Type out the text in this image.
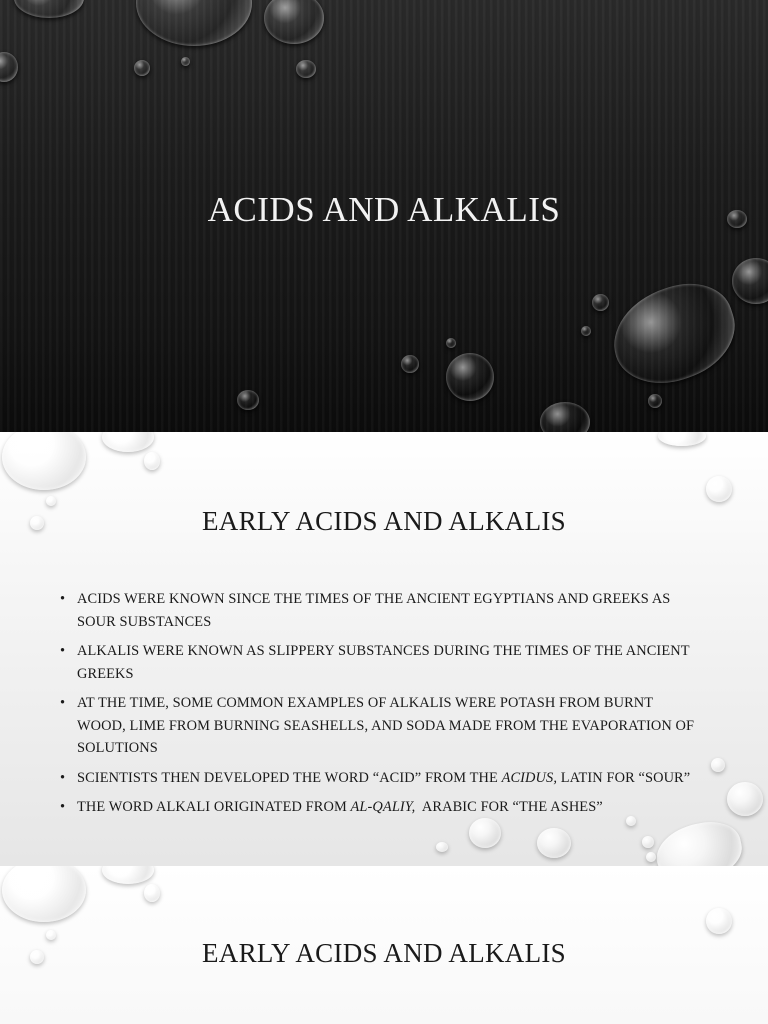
ACIDS AND ALKALIS
EARLY ACIDS AND ALKALIS
• ACIDS WERE KNOWN SINCE THE TIMES OF THE ANCIENT EGYPTIANS AND GREEKS AS SOUR SUBSTANCES
• ALKALIS WERE KNOWN AS SLIPPERY SUBSTANCES DURING THE TIMES OF THE ANCIENT GREEKS
• AT THE TIME, SOME COMMON EXAMPLES OF ALKALIS WERE POTASH FROM BURNT WOOD, LIME FROM BURNING SEASHELLS, AND SODA MADE FROM THE EVAPORATION OF SOLUTIONS
• SCIENTISTS THEN DEVELOPED THE WORD “ACID” FROM THE ACIDUS, LATIN FOR “SOUR”
• THE WORD ALKALI ORIGINATED FROM AL-QALIY,  ARABIC FOR “THE ASHES”
EARLY ACIDS AND ALKALIS
